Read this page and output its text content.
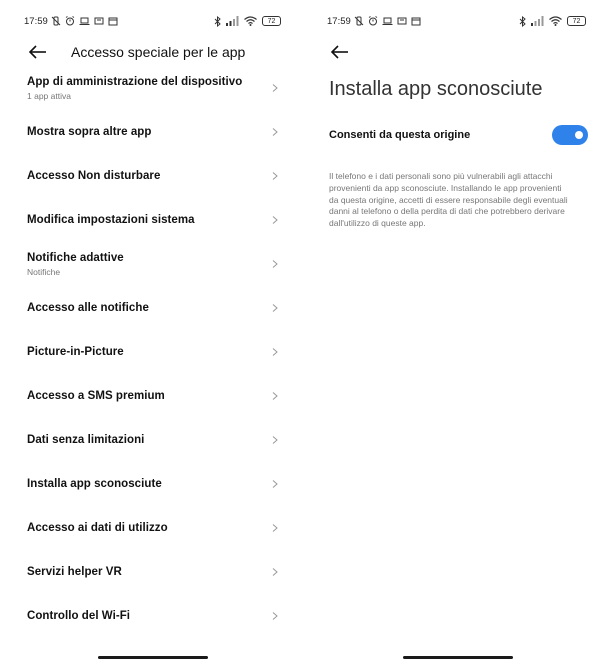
17:59	72
Accesso speciale per le app
App di amministrazione del dispositivo
1 app attiva
Mostra sopra altre app
Accesso Non disturbare
Modifica impostazioni sistema
Notifiche adattive
Notifiche
Accesso alle notifiche
Picture-in-Picture
Accesso a SMS premium
Dati senza limitazioni
Installa app sconosciute
Accesso ai dati di utilizzo
Servizi helper VR
Controllo del Wi-Fi
17:59	72
Installa app sconosciute
Consenti da questa origine

Il telefono e i dati personali sono più vulnerabili agli attacchi provenienti da app sconosciute. Installando le app provenienti da questa origine, accetti di essere responsabile degli eventuali danni al telefono o della perdita di dati che potrebbero derivare dall'utilizzo di queste app.
